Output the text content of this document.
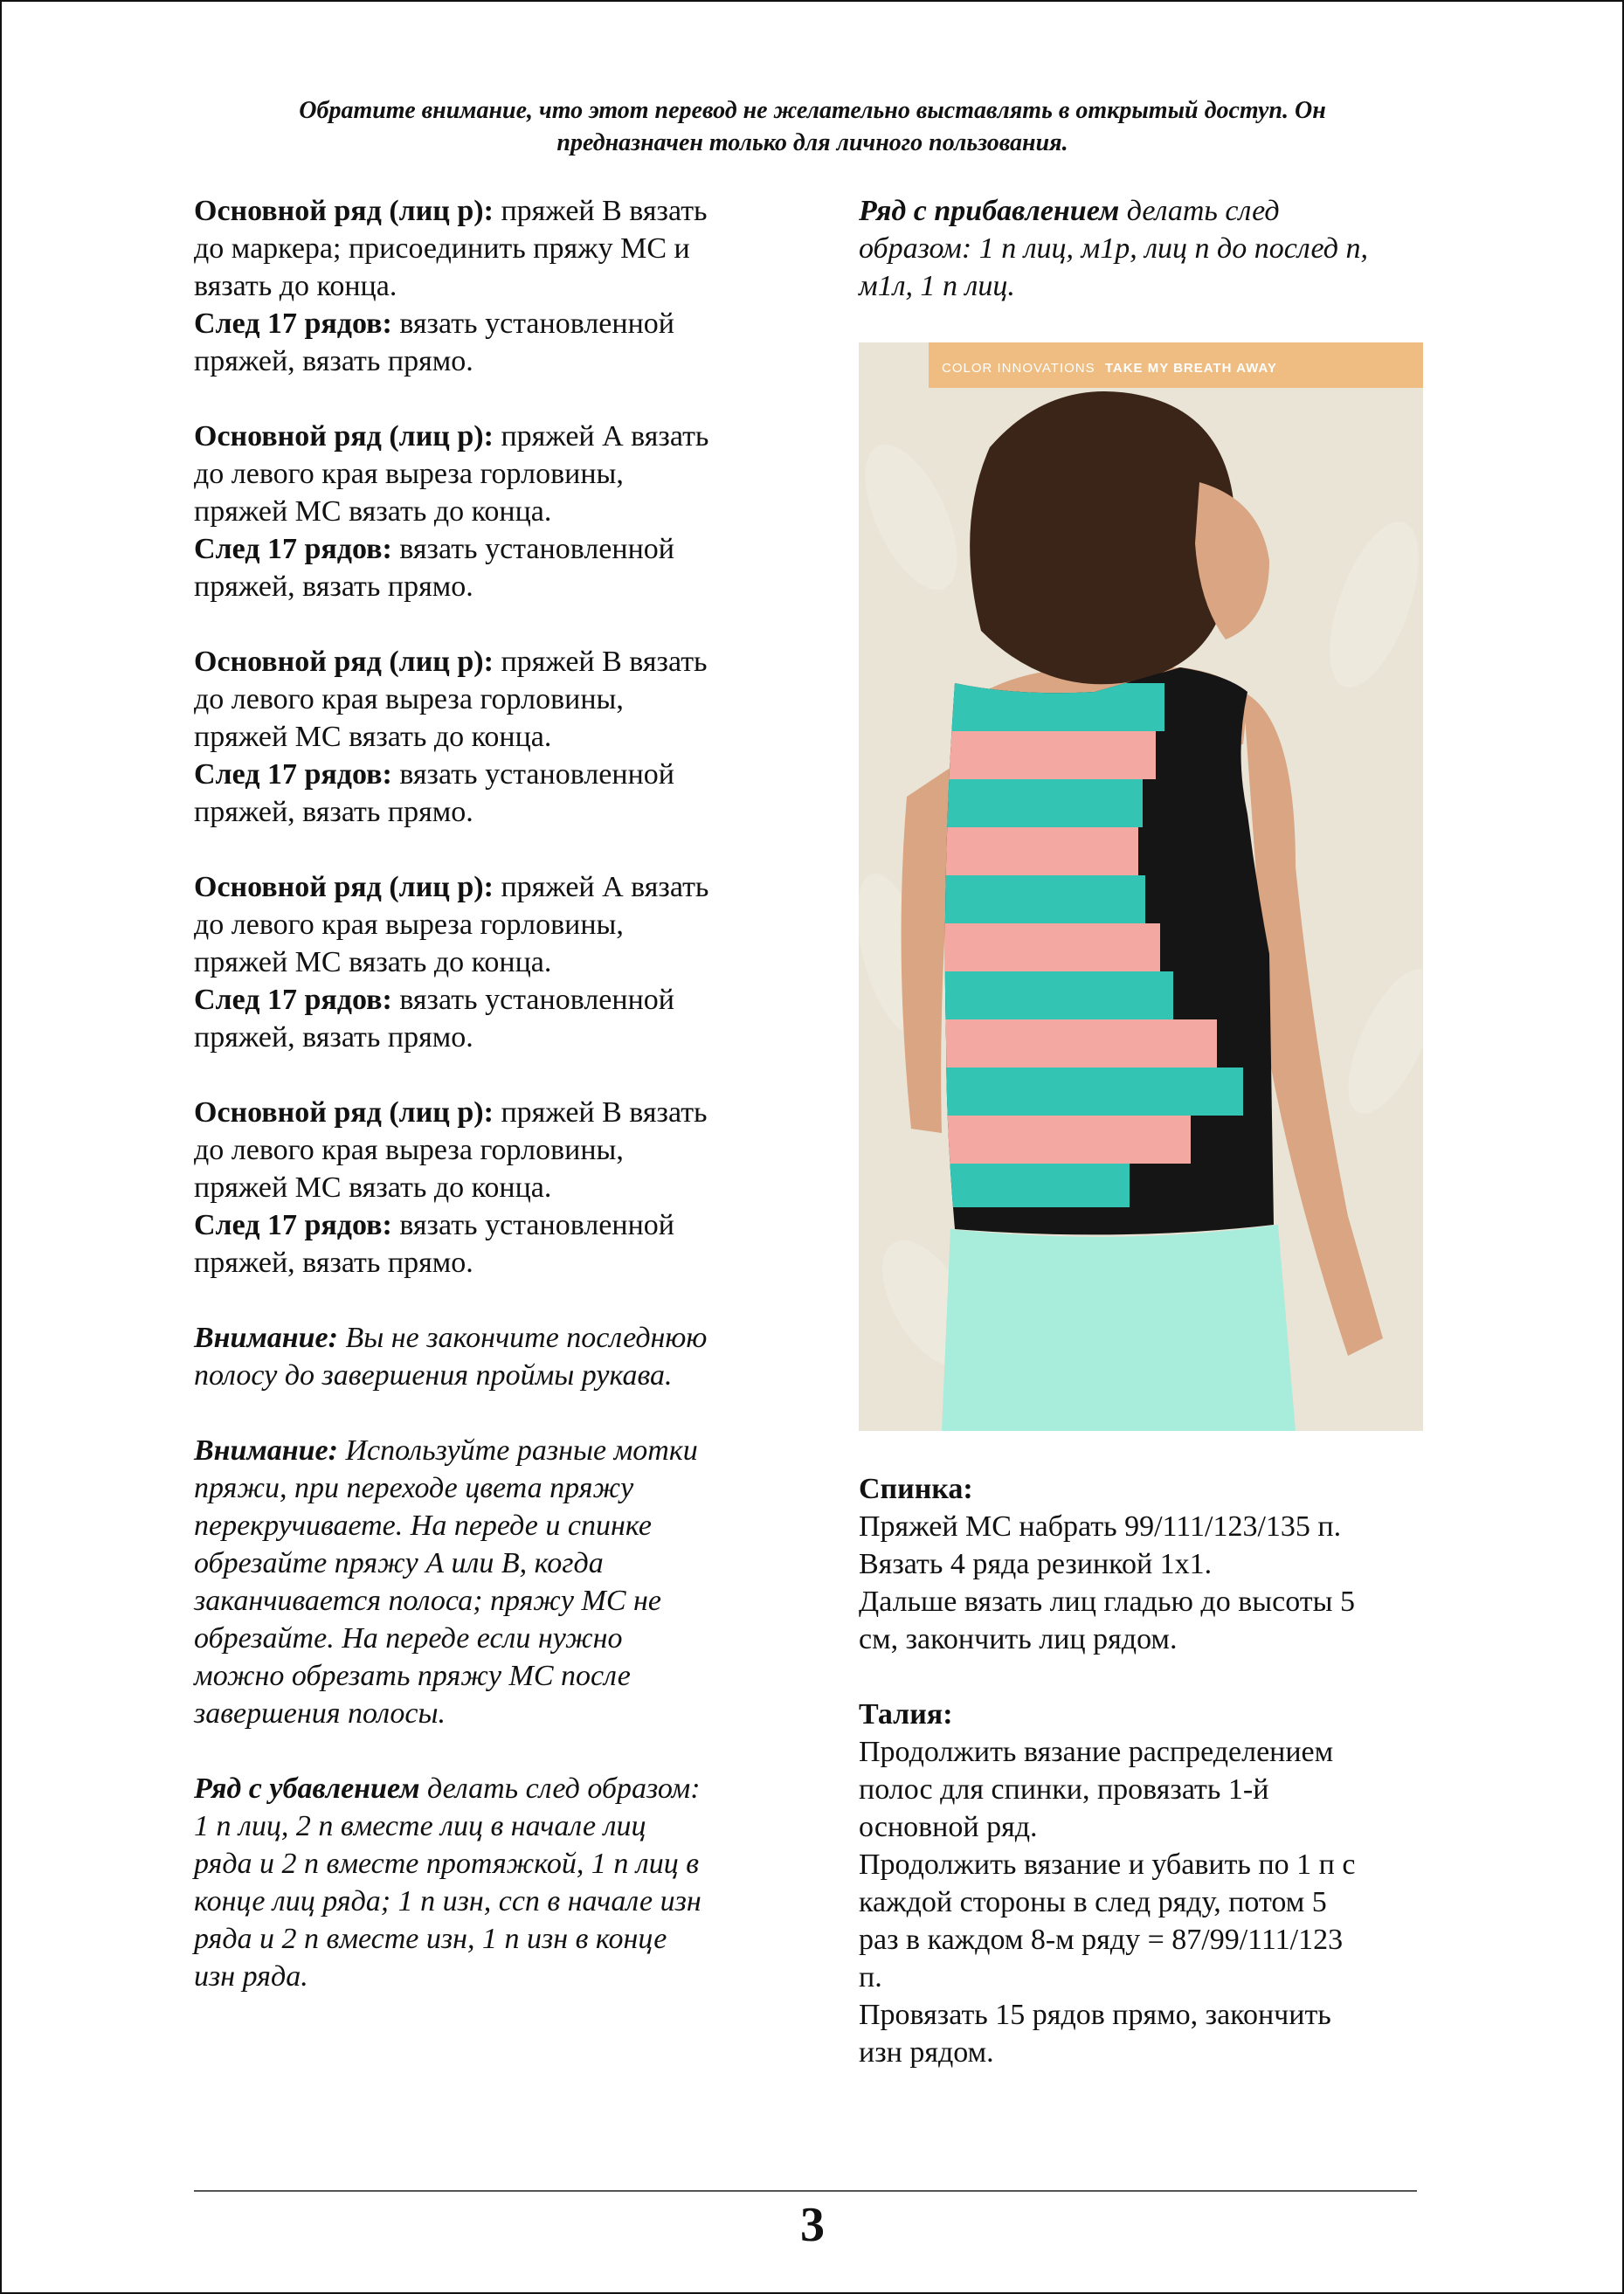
Обратите внимание, что этот перевод не желательно выставлять в открытый доступ. Он
предназначен только для личного пользования.

Основной ряд (лиц р): пряжей В вязать

до маркера; присоединить пряжу МС и

вязать до конца.

След 17 рядов: вязать установленной

пряжей, вязать прямо.

Основной ряд (лиц р): пряжей А вязать

до левого края выреза горловины,

пряжей МС вязать до конца.

След 17 рядов: вязать установленной

пряжей, вязать прямо.

Основной ряд (лиц р): пряжей В вязать

до левого края выреза горловины,

пряжей МС вязать до конца.

След 17 рядов: вязать установленной

пряжей, вязать прямо.

Основной ряд (лиц р): пряжей А вязать

до левого края выреза горловины,

пряжей МС вязать до конца.

След 17 рядов: вязать установленной

пряжей, вязать прямо.

Основной ряд (лиц р): пряжей В вязать

до левого края выреза горловины,

пряжей МС вязать до конца.

След 17 рядов: вязать установленной

пряжей, вязать прямо.

Внимание: Вы не закончите последнюю

полосу до завершения проймы рукава.

Внимание: Используйте разные мотки

пряжи, при переходе цвета пряжу

перекручиваете. На переде и спинке

обрезайте пряжу А или В, когда

заканчивается полоса; пряжу МС не

обрезайте. На переде если нужно

можно обрезать пряжу МС после

завершения полосы.

Ряд с убавлением делать след образом:

1 п лиц, 2 п вместе лиц в начале лиц

ряда и 2 п вместе протяжкой, 1 п лиц в

конце лиц ряда; 1 п изн, ссп в начале изн

ряда и 2 п вместе изн, 1 п изн в конце

изн ряда.

Ряд с прибавлением делать след

образом: 1 п лиц, м1р, лиц п до послед п,

м1л, 1 п лиц.

COLOR INNOVATIONS TAKE MY BREATH AWAY

Спинка:

Пряжей МС набрать 99/111/123/135 п.

Вязать 4 ряда резинкой 1х1.

Дальше вязать лиц гладью до высоты 5

см, закончить лиц рядом.

Талия:

Продолжить вязание распределением

полос для спинки, провязать 1-й

основной ряд.

Продолжить вязание и убавить по 1 п с

каждой стороны в след ряду, потом 5

раз в каждом 8-м ряду = 87/99/111/123

п.

Провязать 15 рядов прямо, закончить

изн рядом.

3
